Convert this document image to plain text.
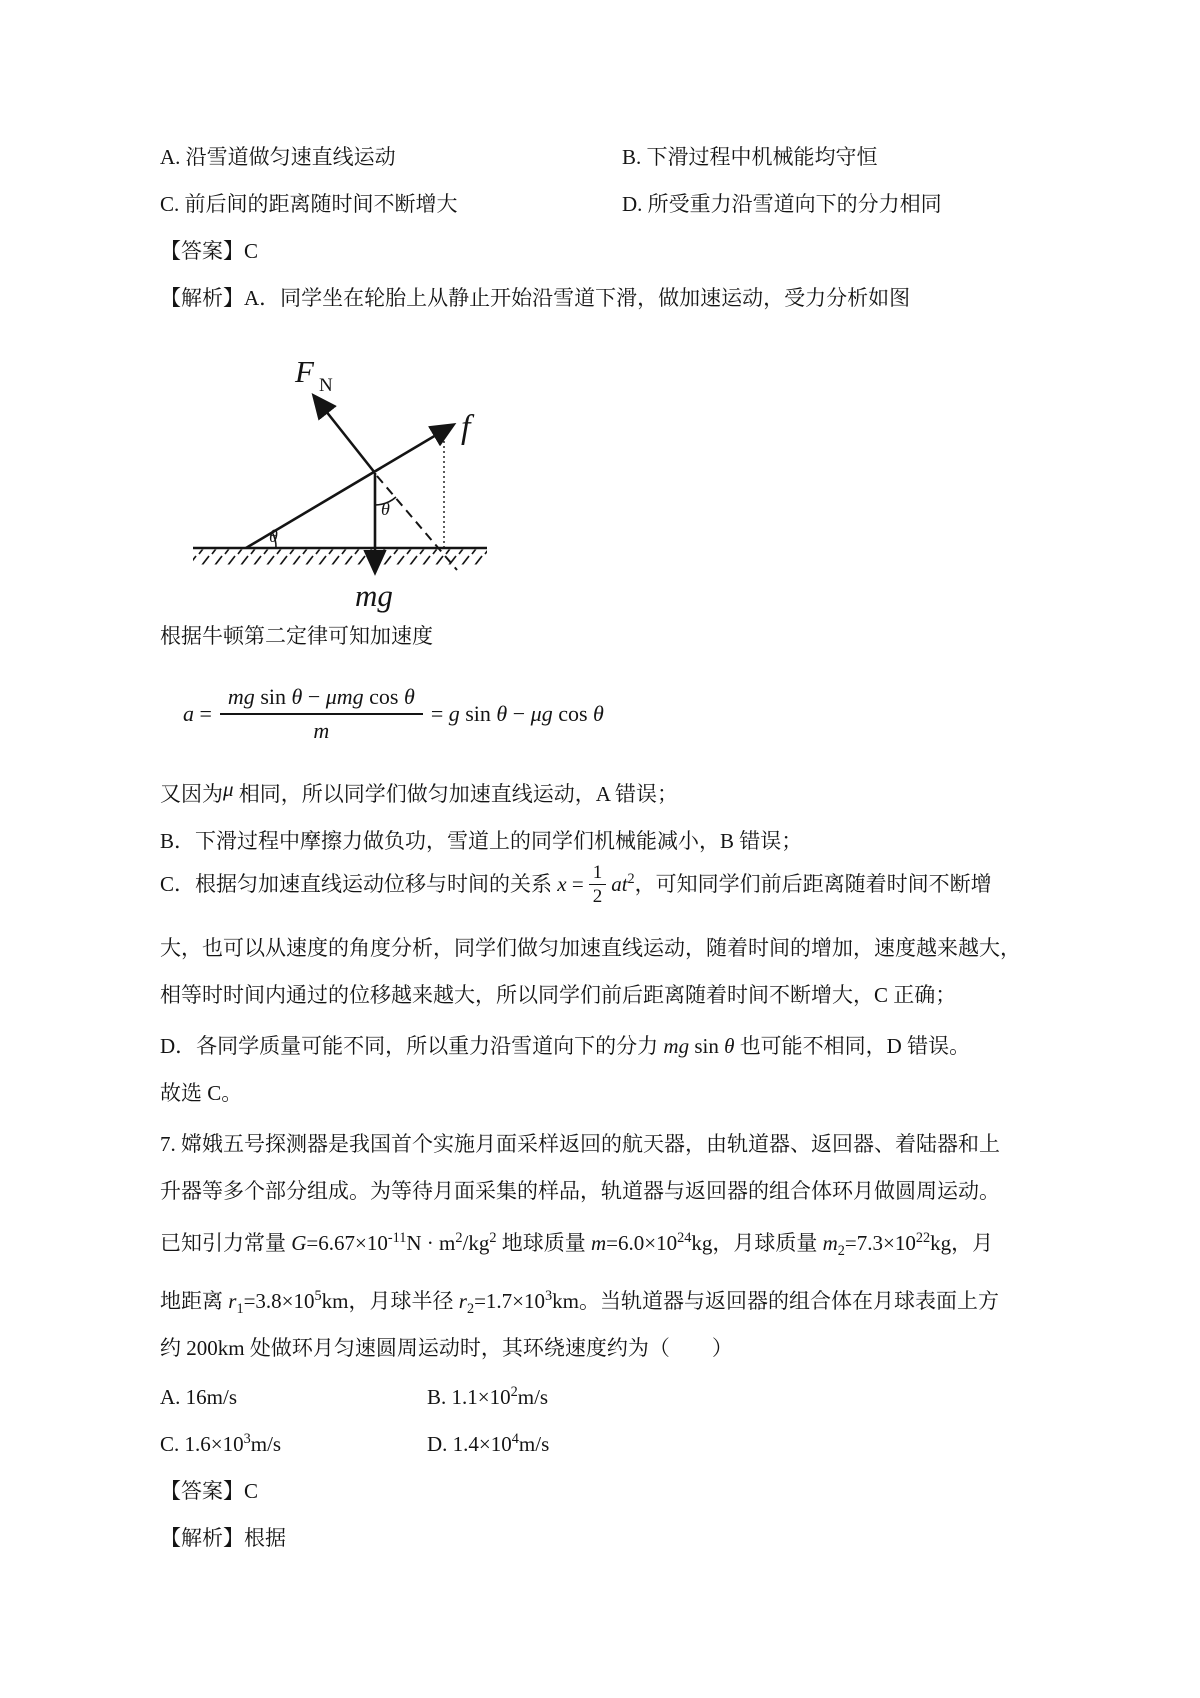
A. 沿雪道做匀速直线运动	B. 下滑过程中机械能均守恒
C. 前后间的距离随时间不断增大	D. 所受重力沿雪道向下的分力相同
【答案】C
【解析】A．同学坐在轮胎上从静止开始沿雪道下滑，做加速运动，受力分析如图
F N
f
mg
θ
θ
根据牛顿第二定律可知加速度
$a = \frac{\text{mg sin θ − μmg cos θ}}{m} = g$ sin θ − μg cos θ
又因为μ 相同，所以同学们做匀加速直线运动，A 错误；
B．下滑过程中摩擦力做负功，雪道上的同学们机械能减小，B 错误；
C．根据匀加速直线运动位移与时间的关系 $x = \frac{1}{2} at^2$ ，可知同学们前后距离随着时间不断增
大，也可以从速度的角度分析，同学们做匀加速直线运动，随着时间的增加，速度越来越大，
相等时时间内通过的位移越来越大，所以同学们前后距离随着时间不断增大，C 正确；
D．各同学质量可能不同，所以重力沿雪道向下的分力 mg sin θ 也可能不相同，D 错误。
故选 C。
7. 嫦娥五号探测器是我国首个实施月面采样返回的航天器，由轨道器、返回器、着陆器和上
升器等多个部分组成。为等待月面采集的样品，轨道器与返回器的组合体环月做圆周运动。
已知引力常量 $G=6.67\times 10^{-11}N \cdot m^2/kg^2$ 地球质量 $m=6.0\times 10^{24}kg$，月球质量 $m_2=7.3\times 10^{22}kg$，月
地距离 $r_1=3.8\times 10^5km$，月球半径 $r_2=1.7\times 10^3km$。当轨道器与返回器的组合体在月球表面上方
约 200km 处做环月匀速圆周运动时，其环绕速度约为（　　）
A. 16m/s	B. $1.1\times 10^2m/s$
C. $1.6\times 10^3m/s$	D. $1.4\times 10^4m/s$
【答案】C
【解析】根据
